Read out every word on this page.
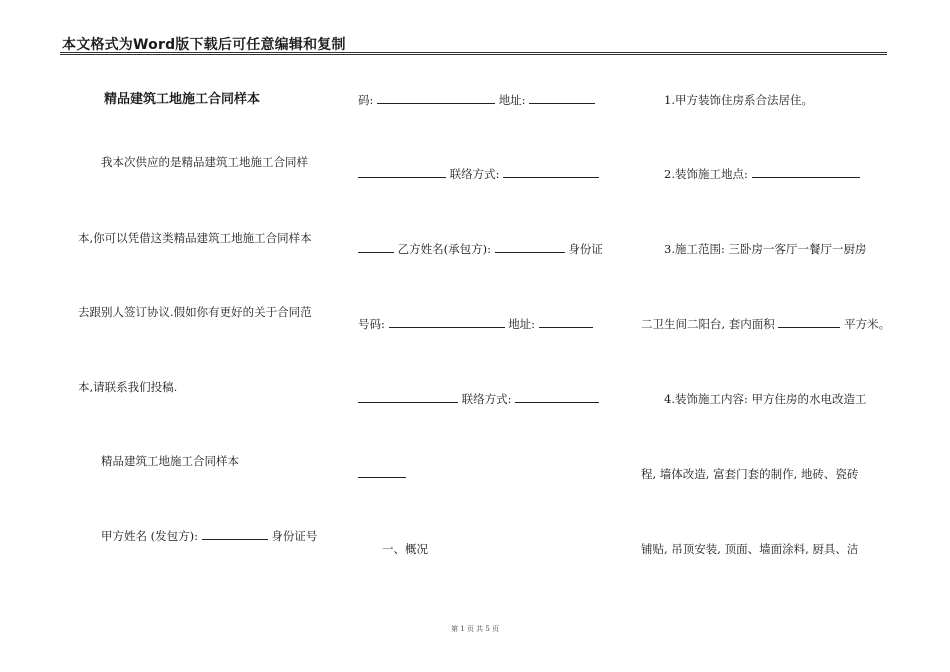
本文格式为Word版下载后可任意编辑和复制
精品建筑工地施工合同样本
我本次供应的是精品建筑工地施工合同样
本,你可以凭借这类精品建筑工地施工合同样本
去跟别人签订协议.假如你有更好的关于合同范
本,请联系我们投稿.
精品建筑工地施工合同样本
甲方姓名 (发包方):	身份证号
码:	地址:
联络方式:
乙方姓名(承包方):	身份证
号码:	地址:
联络方式:
一、概况
1.甲方装饰住房系合法居住。
2.装饰施工地点:
3.施工范围: 三卧房一客厅一餐厅一厨房
二卫生间二阳台, 套内面积	平方米。
4.装饰施工内容: 甲方住房的水电改造工
程, 墙体改造, 富套门套的制作, 地砖、瓷砖
铺贴, 吊顶安装, 顶面、墙面涂料, 厨具、洁
第 1 页 共 5 页
